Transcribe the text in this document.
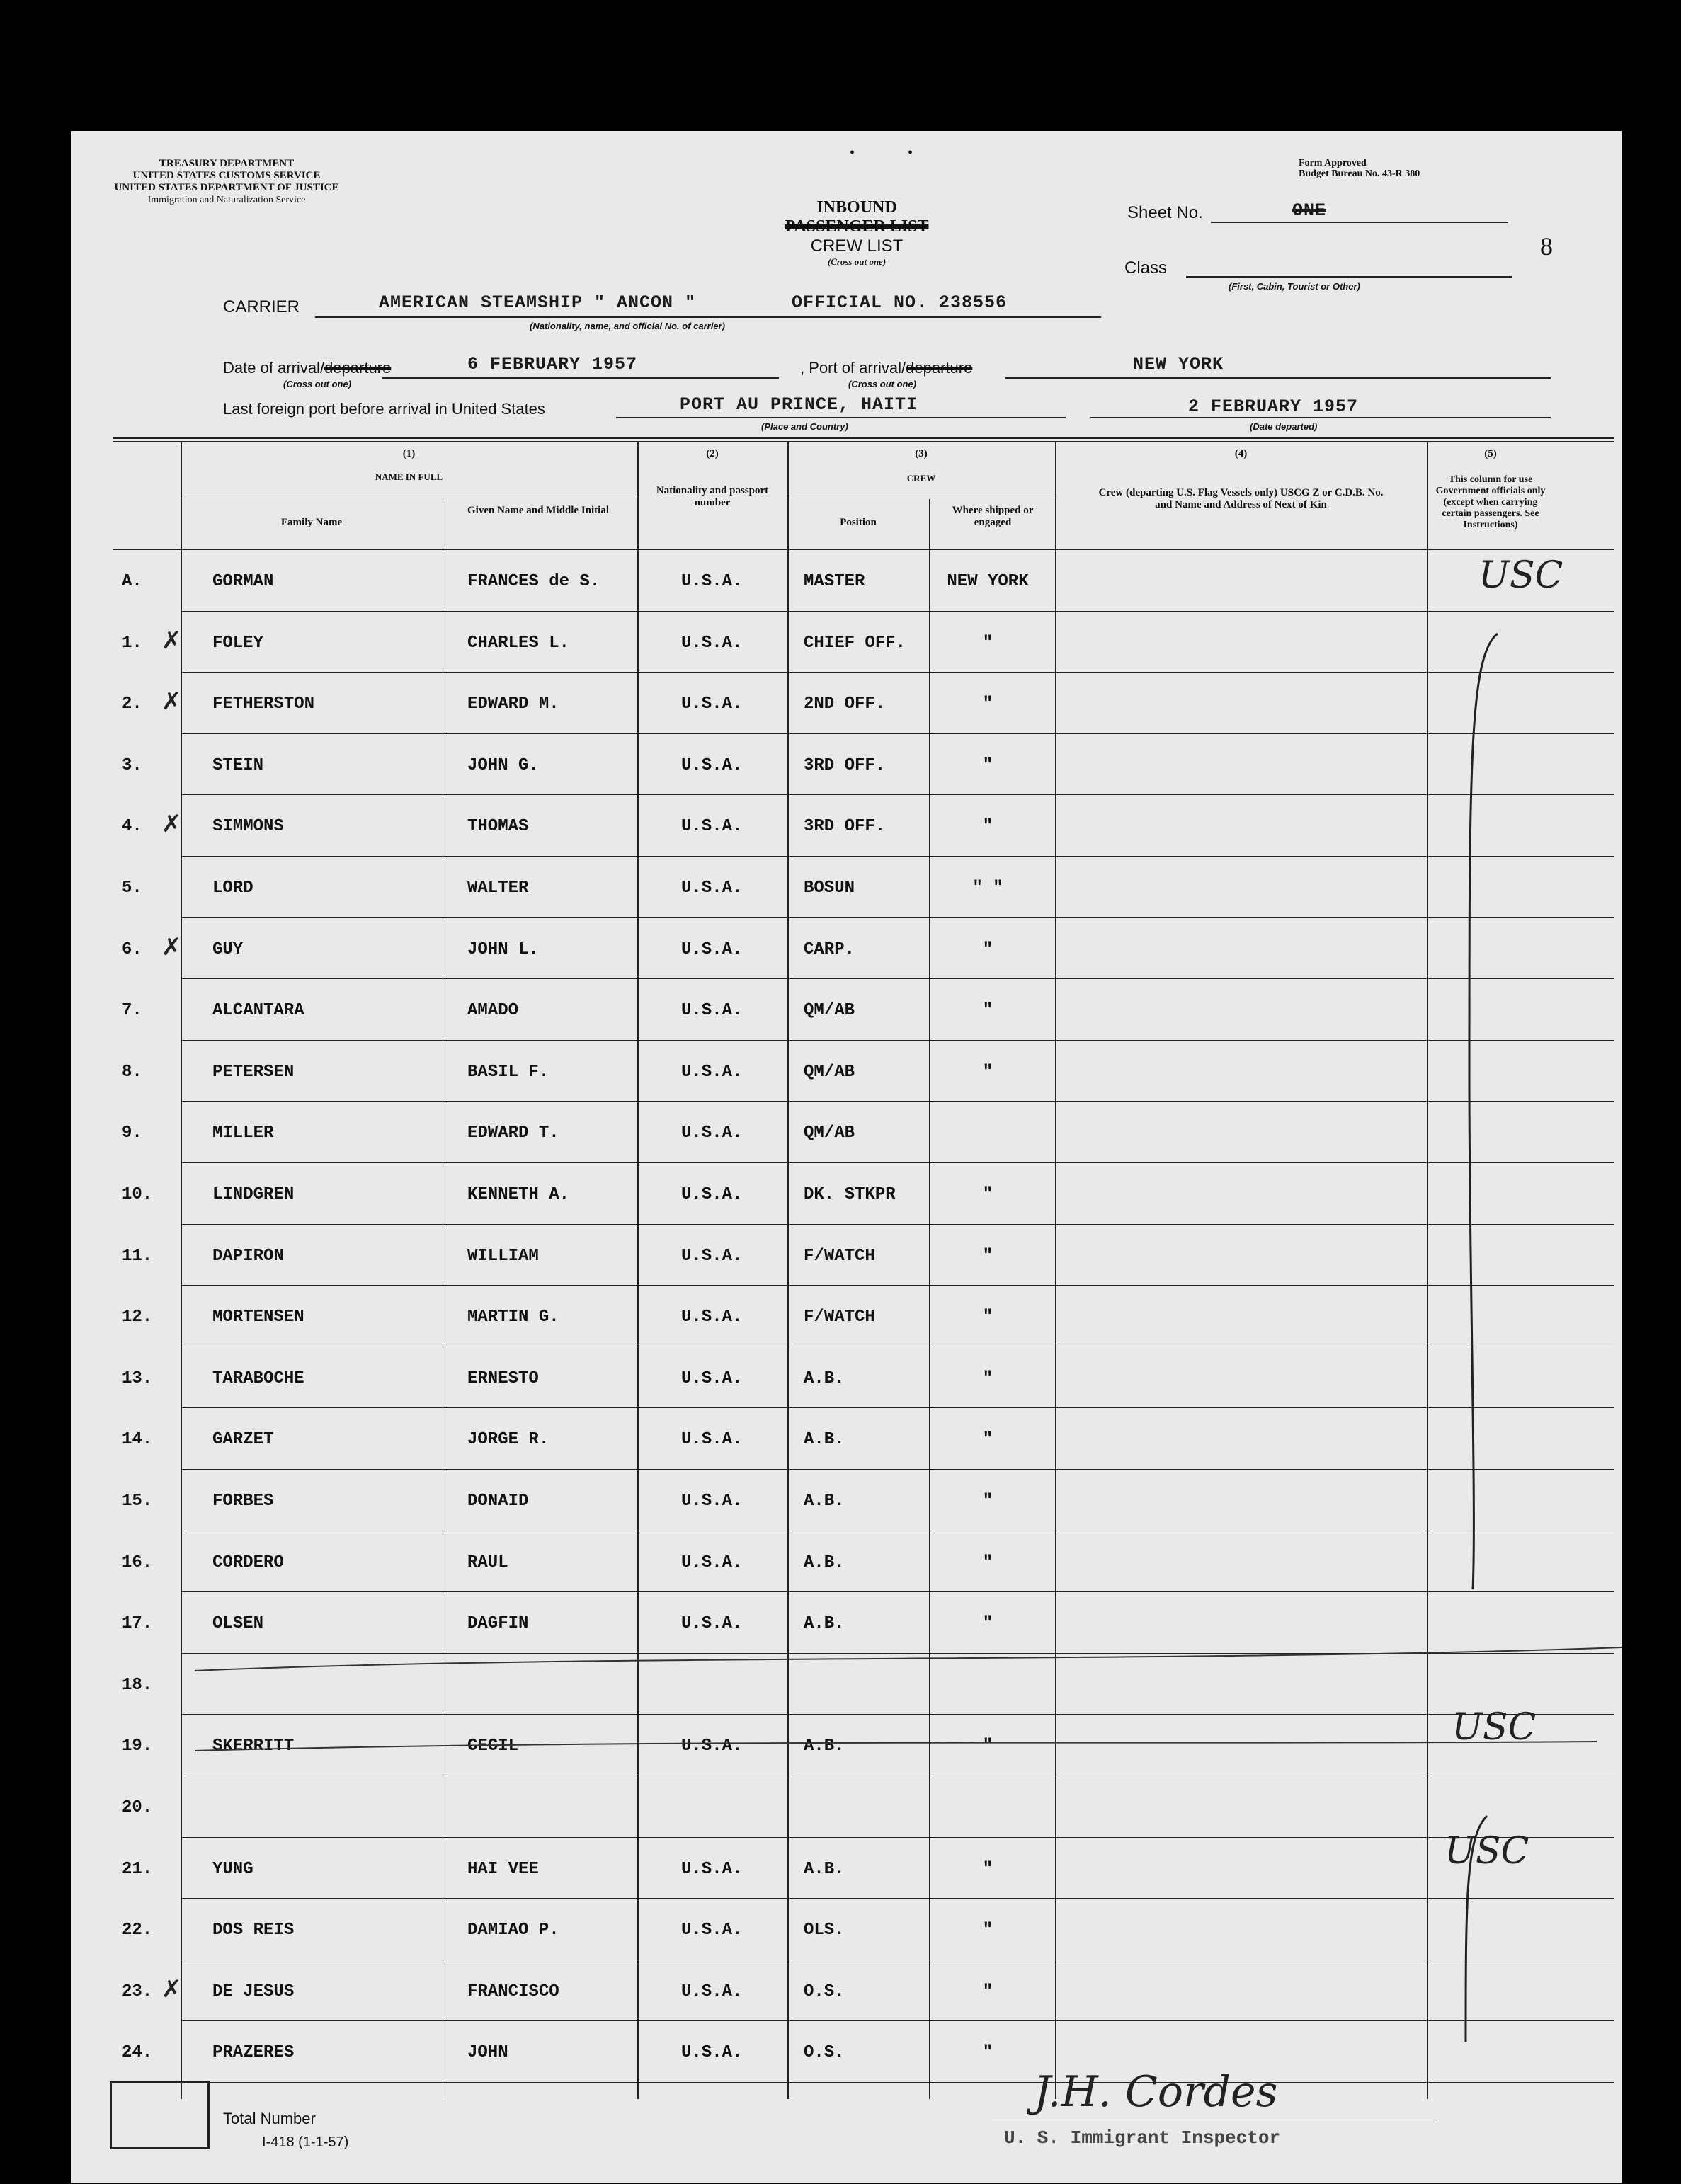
TREASURY DEPARTMENT
UNITED STATES CUSTOMS SERVICE
UNITED STATES DEPARTMENT OF JUSTICE
Immigration and Naturalization Service
Form Approved
Budget Bureau No. 43-R 380
•               •
INBOUND
PASSENGER LIST
CREW LIST
(Cross out one)
Sheet No.	ONE
8
Class
(First, Cabin, Tourist or Other)
CARRIER	AMERICAN STEAMSHIP " ANCON "	OFFICIAL NO. 238556
(Nationality, name, and official No. of carrier)
Date of arrival/departure
(Cross out one)
6 FEBRUARY 1957	, Port of arrival/departure
(Cross out one)
NEW YORK
Last foreign port before arrival in United States	PORT AU PRINCE, HAITI
(Place and Country)
2 FEBRUARY 1957
(Date departed)
(1)
NAME IN FULL
Family Name
Given Name and Middle Initial
(2)
Nationality and passport number
(3)
CREW
Position
Where shipped or engaged
(4)
Crew (departing U.S. Flag Vessels only) USCG Z or C.D.B. No. and Name and Address of Next of Kin
(5)
This column for use Government officials only (except when carrying certain passengers. See Instructions)
A.	GORMAN	FRANCES de S.	U.S.A.	MASTER	NEW YORK
1.	FOLEY	CHARLES L.	U.S.A.	CHIEF OFF.	"
✗
2.	FETHERSTON	EDWARD M.	U.S.A.	2ND OFF.	"
✗
3.	STEIN	JOHN G.	U.S.A.	3RD OFF.	"
4.	SIMMONS	THOMAS	U.S.A.	3RD OFF.	"
✗
5.	LORD	WALTER	U.S.A.	BOSUN	" "
6.	GUY	JOHN L.	U.S.A.	CARP.	"
✗
7.	ALCANTARA	AMADO	U.S.A.	QM/AB	"
8.	PETERSEN	BASIL F.	U.S.A.	QM/AB	"
9.	MILLER	EDWARD T.	U.S.A.	QM/AB
10.	LINDGREN	KENNETH A.	U.S.A.	DK. STKPR	"
11.	DAPIRON	WILLIAM	U.S.A.	F/WATCH	"
12.	MORTENSEN	MARTIN G.	U.S.A.	F/WATCH	"
13.	TARABOCHE	ERNESTO	U.S.A.	A.B.	"
14.	GARZET	JORGE R.	U.S.A.	A.B.	"
15.	FORBES	DONAID	U.S.A.	A.B.	"
16.	CORDERO	RAUL	U.S.A.	A.B.	"
17.	OLSEN	DAGFIN	U.S.A.	A.B.	"
18.
19.	SKERRITT	CECIL	U.S.A.	A.B.	"
20.
21.	YUNG	HAI VEE	U.S.A.	A.B.	"
22.	DOS REIS	DAMIAO P.	U.S.A.	OLS.	"
23.	DE JESUS	FRANCISCO	U.S.A.	O.S.	"
✗
24.	PRAZERES	JOHN	U.S.A.	O.S.	"
USC
USC
USC
Total Number
I-418 (1-1-57)
J.H. Cordes
U. S. Immigrant Inspector
